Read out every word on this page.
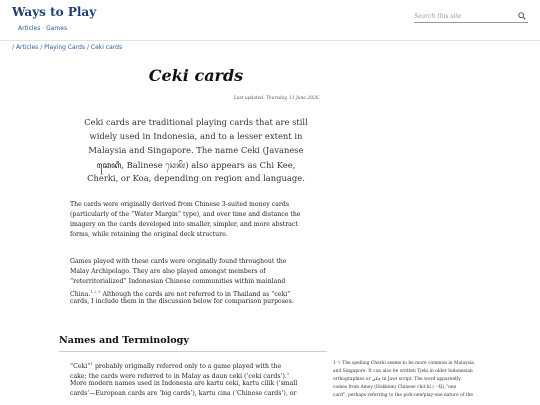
Ways to Play
Articles · Games
Search this site
/ Articles / Playing Cards / Ceki cards
Ceki cards
Last updated: Thursday, 11 June 2026.
Ceki cards are traditional playing cards that are still
widely used in Indonesia, and to a lesser extent in
Malaysia and Singapore. The name Ceki (Javanese
ꦕꦺꦏꦶ, Balinese ᬘᬾᬓᬶ) also appears as Chi Kee,
Cherki, or Koa, depending on region and language.
The cards were originally derived from Chinese 3-suited money cards
(particularly of the “Water Margin” type), and over time and distance the
imagery on the cards developed into smaller, simpler, and more abstract
forms, while retaining the original deck structure.
Games played with these cards were originally found throughout the
Malay Archipelago. They are also played amongst members of
“reterritorialized” Indonesian Chinese communities within mainland
China.$^{1 2 3}$ Although the cards are not referred to in Thailand as “ceki”
cards, I include them in the discussion below for comparison purposes.
Names and Terminology
“Ceki”$^1$ probably originally referred only to a game played with the
cake; the cards were referred to in Malay as daun ceki (‘ceki cards’).$^2$
More modern names used in Indonesia are kartu ceki, kartu cilik (‘small
cards’—European cards are ‘big cards’), kartu cina (‘Chinese cards’), or
1 ↑ The spelling Cherki seems to be more common in Malaysia
and Singapore. It can also be written Tjeki in older Indonesian
orthographies or چکي in Jawi script. The word apparently
comes from Amoy (Hokkien) Chinese chit ki (一枝),“one
card”, perhaps referring to the pick-one/play-one nature of the
